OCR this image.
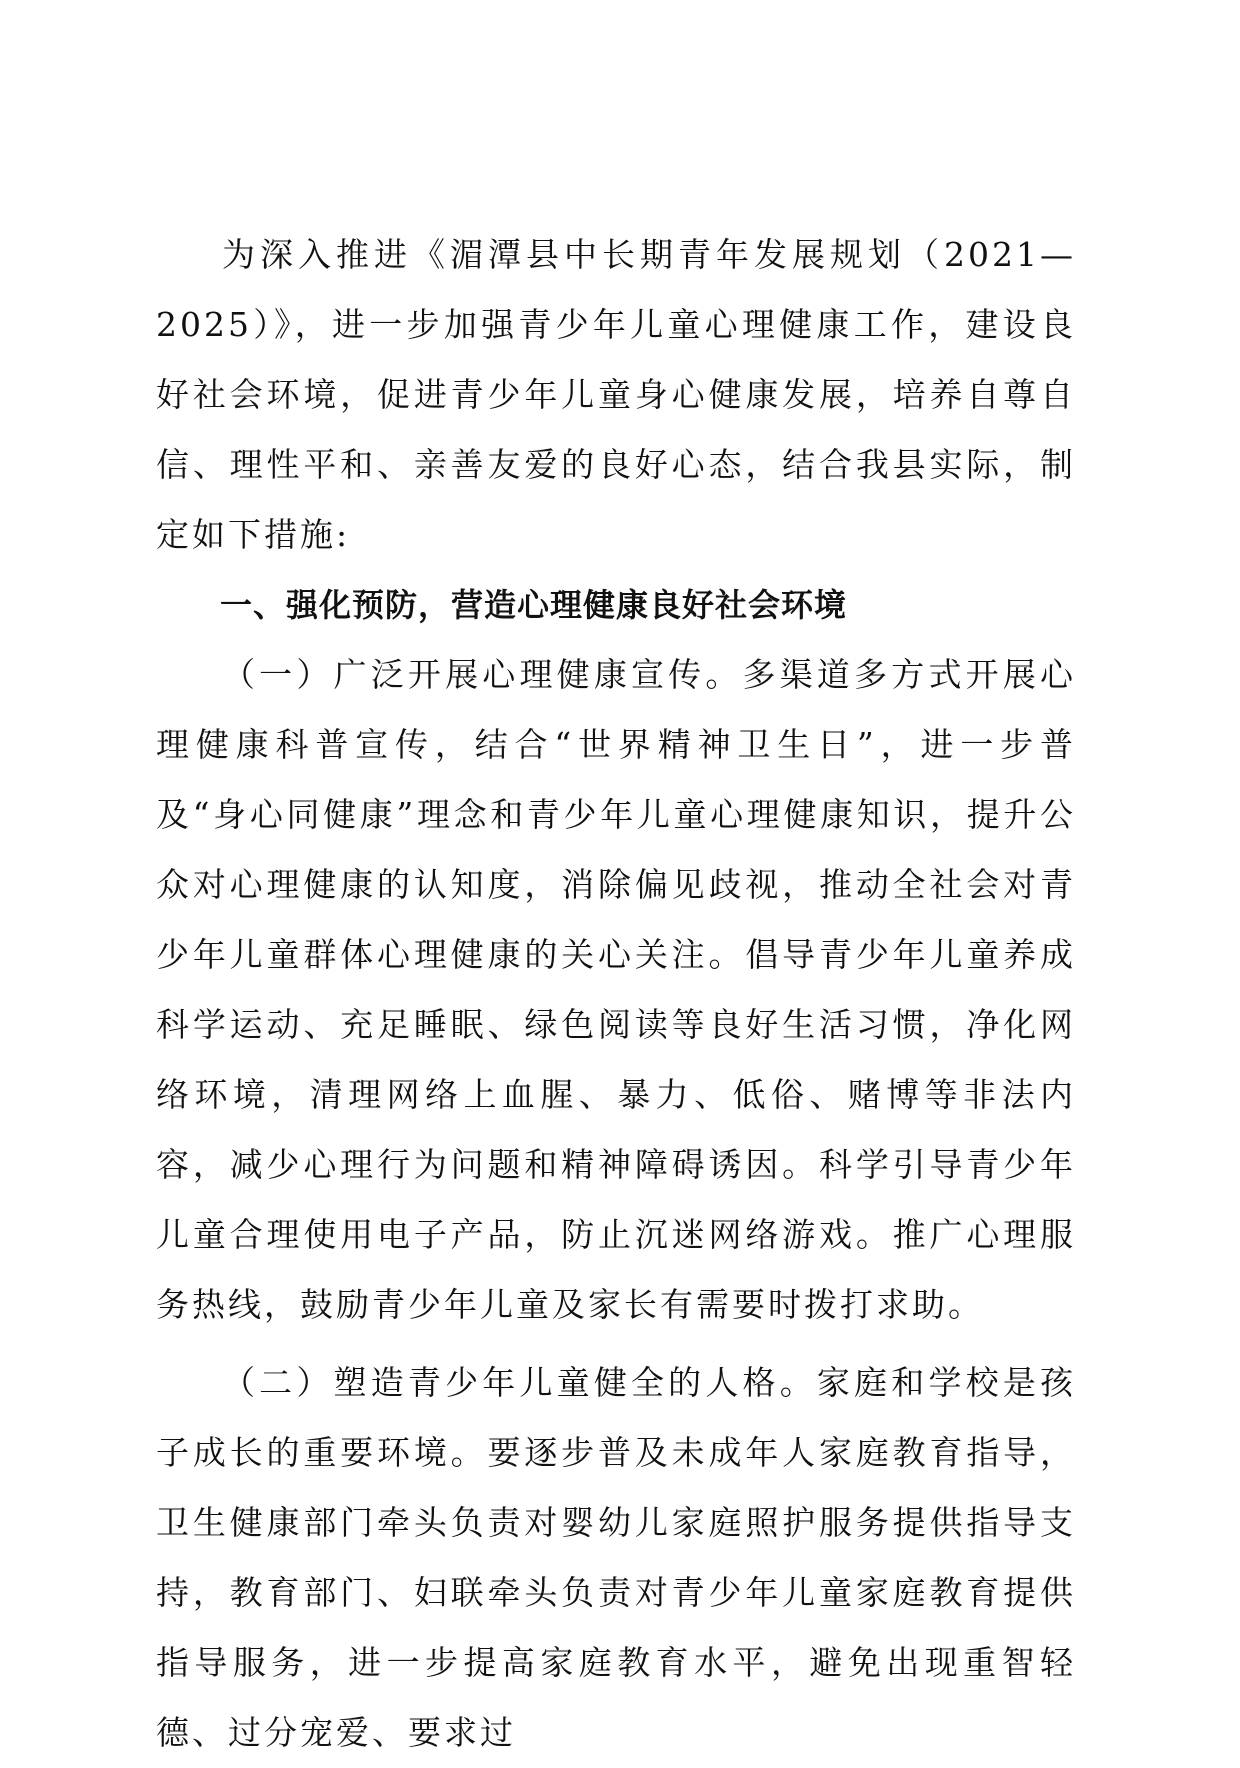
为深入推进《湄潭县中长期青年发展规划（2021—2025）》，进一步加强青少年儿童心理健康工作，建设良好社会环境，促进青少年儿童身心健康发展，培养自尊自信、理性平和、亲善友爱的良好心态，结合我县实际，制定如下措施:

一、强化预防，营造心理健康良好社会环境

（一）广泛开展心理健康宣传。多渠道多方式开展心理健康科普宣传，结合“世界精神卫生日”，进一步普及“身心同健康”理念和青少年儿童心理健康知识，提升公众对心理健康的认知度，消除偏见歧视，推动全社会对青少年儿童群体心理健康的关心关注。倡导青少年儿童养成科学运动、充足睡眠、绿色阅读等良好生活习惯，净化网络环境，清理网络上血腥、暴力、低俗、赌博等非法内容，减少心理行为问题和精神障碍诱因。科学引导青少年儿童合理使用电子产品，防止沉迷网络游戏。推广心理服务热线，鼓励青少年儿童及家长有需要时拨打求助。

（二）塑造青少年儿童健全的人格。家庭和学校是孩子成长的重要环境。要逐步普及未成年人家庭教育指导，卫生健康部门牵头负责对婴幼儿家庭照护服务提供指导支持，教育部门、妇联牵头负责对青少年儿童家庭教育提供指导服务，进一步提高家庭教育水平，避免出现重智轻德、过分宠爱、要求过
